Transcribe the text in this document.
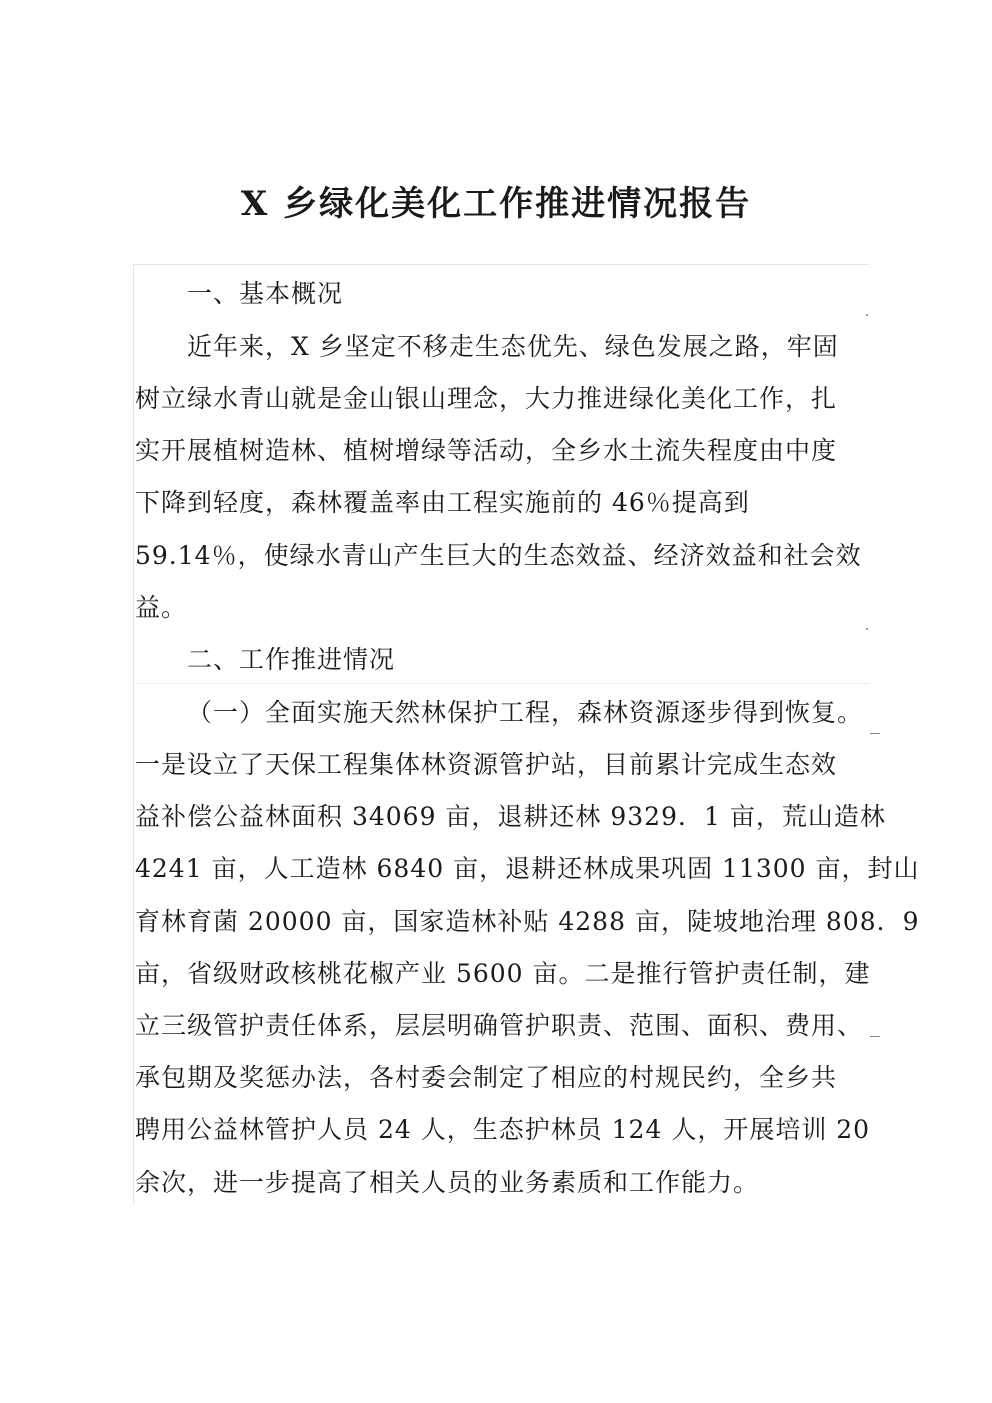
X 乡绿化美化工作推进情况报告
一、基本概况
近年来，X 乡坚定不移走生态优先、绿色发展之路，牢固
树立绿水青山就是金山银山理念，大力推进绿化美化工作，扎
实开展植树造林、植树增绿等活动，全乡水土流失程度由中度
下降到轻度，森林覆盖率由工程实施前的 46％提高到
59.14％，使绿水青山产生巨大的生态效益、经济效益和社会效
益。
二、工作推进情况
（一）全面实施天然林保护工程，森林资源逐步得到恢复。
一是设立了天保工程集体林资源管护站，目前累计完成生态效
益补偿公益林面积 34069 亩，退耕还林 9329．1 亩，荒山造林
4241 亩，人工造林 6840 亩，退耕还林成果巩固 11300 亩，封山
育林育菌 20000 亩，国家造林补贴 4288 亩，陡坡地治理 808．9
亩，省级财政核桃花椒产业 5600 亩。二是推行管护责任制，建
立三级管护责任体系，层层明确管护职责、范围、面积、费用、
承包期及奖惩办法，各村委会制定了相应的村规民约，全乡共
聘用公益林管护人员 24 人，生态护林员 124 人，开展培训 20
余次，进一步提高了相关人员的业务素质和工作能力。
